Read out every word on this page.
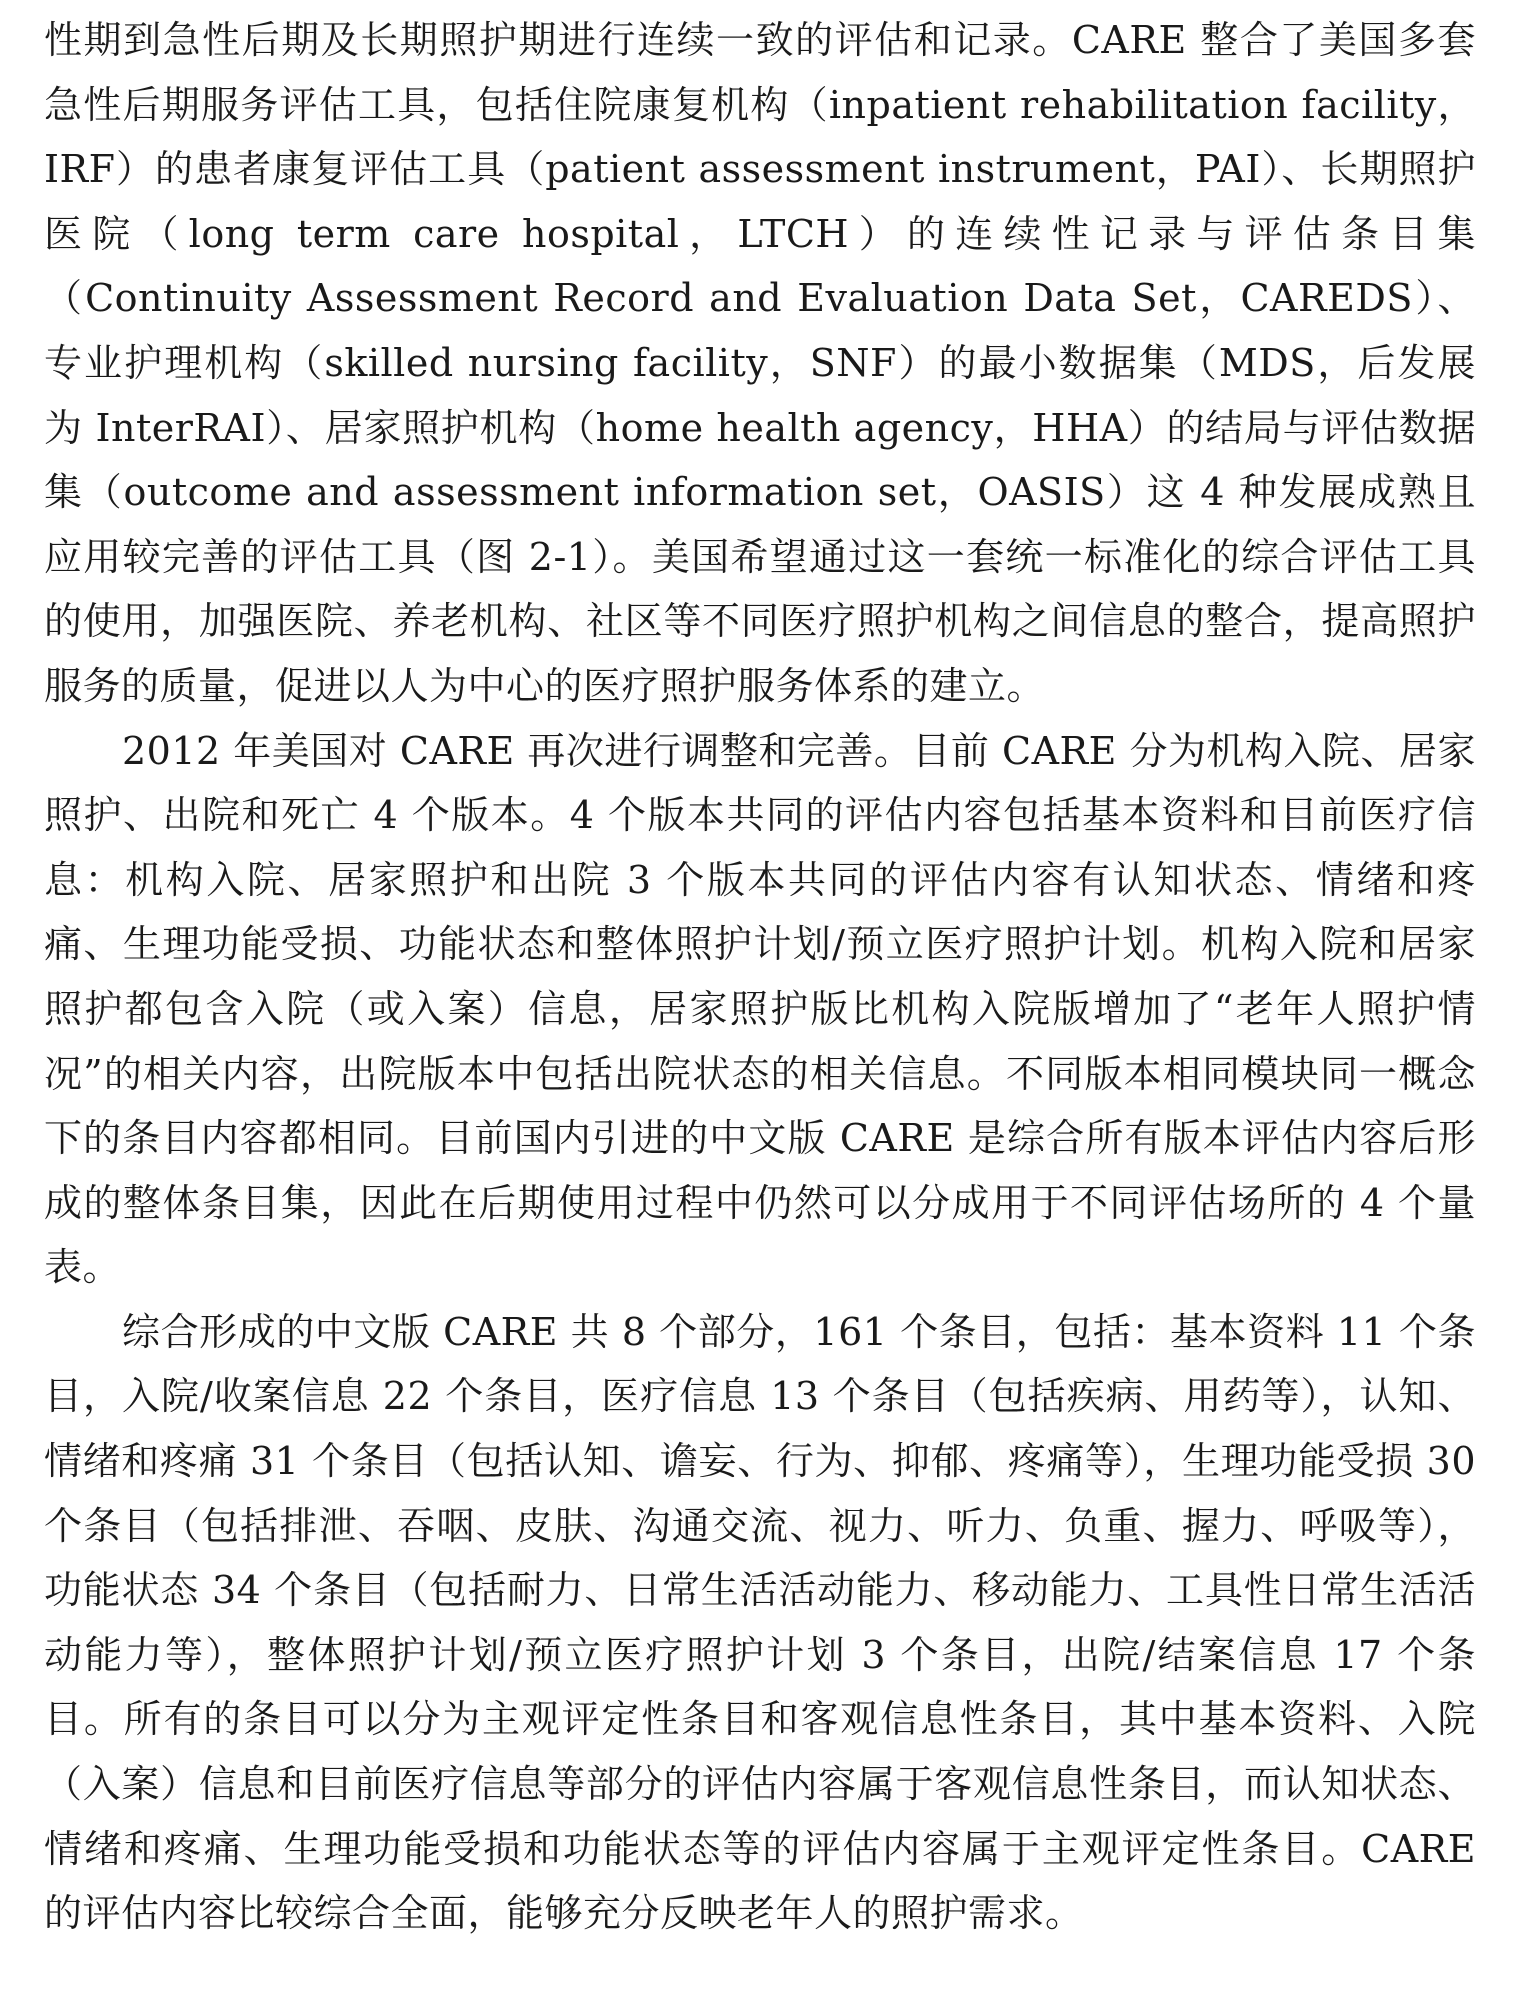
性期到急性后期及长期照护期进行连续一致的评估和记录。CARE 整合了美国多套急性后期服务评估工具，包括住院康复机构（inpatient rehabilitation facility，IRF）的患者康复评估工具（patient assessment instrument，PAI）、长期照护医院（long term care hospital，LTCH）的连续性记录与评估条目集（Continuity Assessment Record and Evaluation Data Set，CAREDS）、专业护理机构（skilled nursing facility，SNF）的最小数据集（MDS，后发展为 InterRAI）、居家照护机构（home health agency，HHA）的结局与评估数据集（outcome and assessment information set，OASIS）这 4 种发展成熟且应用较完善的评估工具（图 2-1）。美国希望通过这一套统一标准化的综合评估工具的使用，加强医院、养老机构、社区等不同医疗照护机构之间信息的整合，提高照护服务的质量，促进以人为中心的医疗照护服务体系的建立。

2012 年美国对 CARE 再次进行调整和完善。目前 CARE 分为机构入院、居家照护、出院和死亡 4 个版本。4 个版本共同的评估内容包括基本资料和目前医疗信息：机构入院、居家照护和出院 3 个版本共同的评估内容有认知状态、情绪和疼痛、生理功能受损、功能状态和整体照护计划/预立医疗照护计划。机构入院和居家照护都包含入院（或入案）信息，居家照护版比机构入院版增加了“老年人照护情况”的相关内容，出院版本中包括出院状态的相关信息。不同版本相同模块同一概念下的条目内容都相同。目前国内引进的中文版 CARE 是综合所有版本评估内容后形成的整体条目集，因此在后期使用过程中仍然可以分成用于不同评估场所的 4 个量表。

综合形成的中文版 CARE 共 8 个部分，161 个条目，包括：基本资料 11 个条目，入院/收案信息 22 个条目，医疗信息 13 个条目（包括疾病、用药等），认知、情绪和疼痛 31 个条目（包括认知、谵妄、行为、抑郁、疼痛等），生理功能受损 30 个条目（包括排泄、吞咽、皮肤、沟通交流、视力、听力、负重、握力、呼吸等），功能状态 34 个条目（包括耐力、日常生活活动能力、移动能力、工具性日常生活活动能力等），整体照护计划/预立医疗照护计划 3 个条目，出院/结案信息 17 个条目。所有的条目可以分为主观评定性条目和客观信息性条目，其中基本资料、入院（入案）信息和目前医疗信息等部分的评估内容属于客观信息性条目，而认知状态、情绪和疼痛、生理功能受损和功能状态等的评估内容属于主观评定性条目。CARE 的评估内容比较综合全面，能够充分反映老年人的照护需求。
